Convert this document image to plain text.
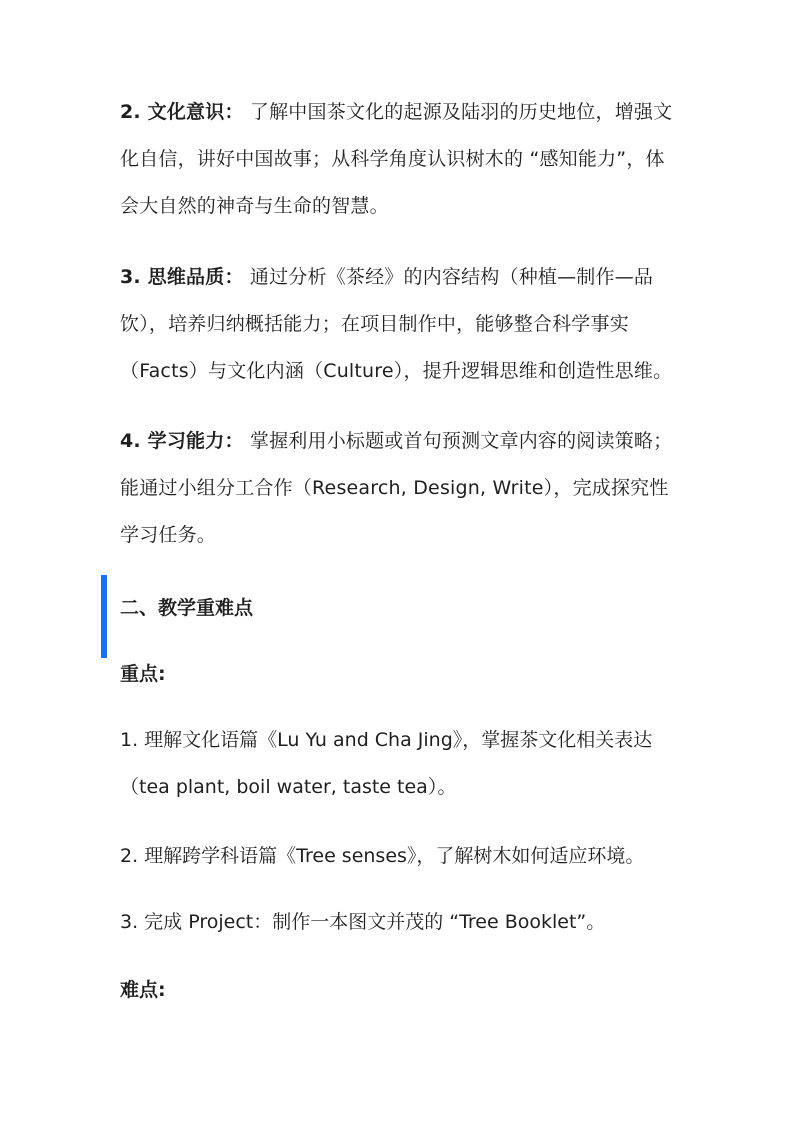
2. 文化意识： 了解中国茶文化的起源及陆羽的历史地位，增强文化自信，讲好中国故事；从科学角度认识树木的 “感知能力”，体会大自然的神奇与生命的智慧。

3. 思维品质： 通过分析《茶经》的内容结构（种植—制作—品饮），培养归纳概括能力；在项目制作中，能够整合科学事实（Facts）与文化内涵（Culture），提升逻辑思维和创造性思维。

4. 学习能力： 掌握利用小标题或首句预测文章内容的阅读策略；能通过小组分工合作（Research, Design, Write），完成探究性学习任务。

二、教学重难点
重点:

1. 理解文化语篇《Lu Yu and Cha Jing》，掌握茶文化相关表达（tea plant, boil water, taste tea）。

2. 理解跨学科语篇《Tree senses》，了解树木如何适应环境。

3. 完成 Project：制作一本图文并茂的 “Tree Booklet”。

难点:
